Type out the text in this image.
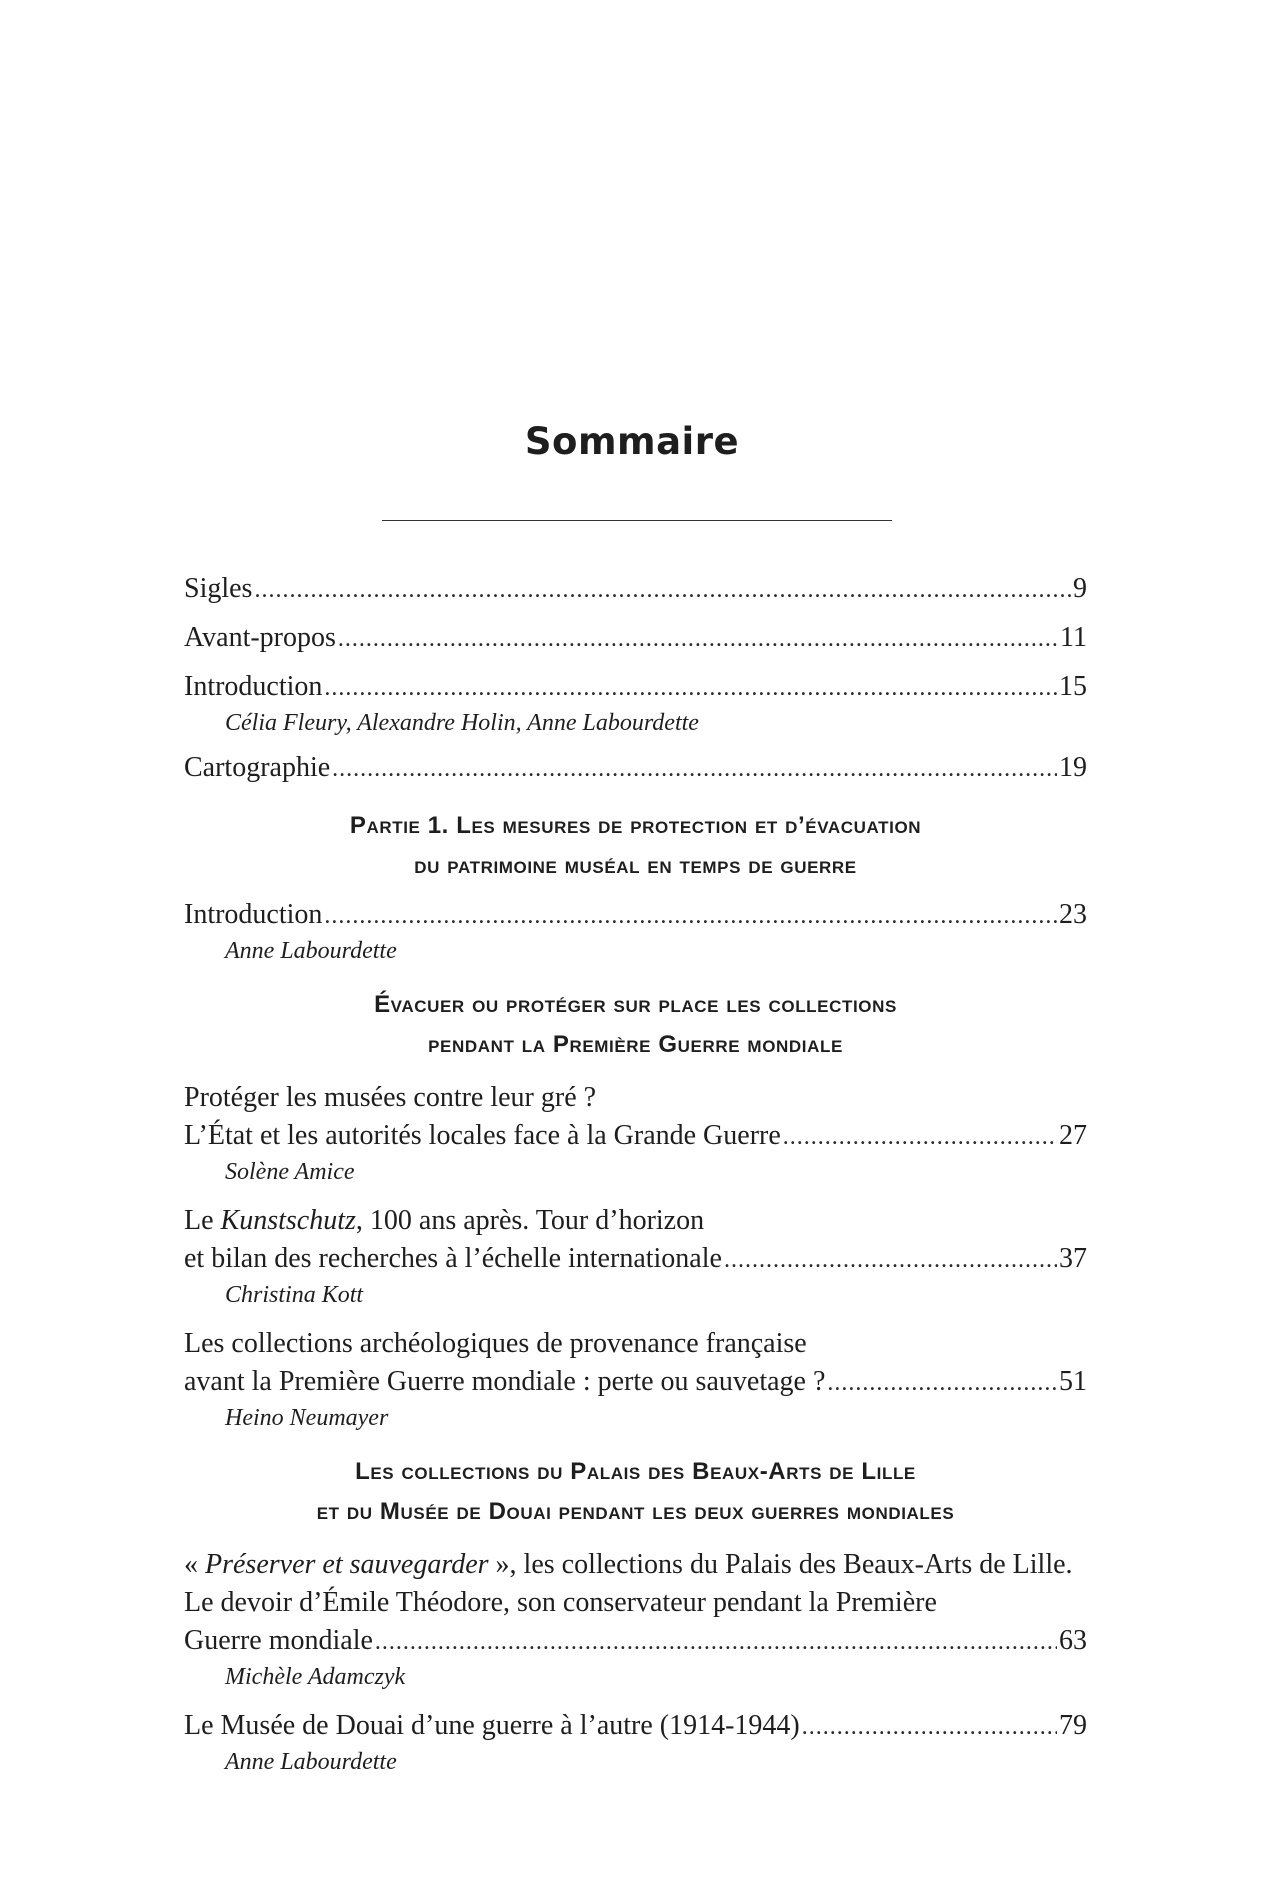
Sommaire
Sigles .....	9
Avant-propos .....	11
Introduction .....	15
Célia Fleury, Alexandre Holin, Anne Labourdette
Cartographie .....	19
Partie 1. Les mesures de protection et d’évacuation
du patrimoine muséal en temps de guerre
Introduction .....	23
Anne Labourdette
Évacuer ou protéger sur place les collections
pendant la Première Guerre mondiale
Protéger les musées contre leur gré ?
L’État et les autorités locales face à la Grande Guerre .....	27
Solène Amice
Le Kunstschutz, 100 ans après. Tour d’horizon
et bilan des recherches à l’échelle internationale .....	37
Christina Kott
Les collections archéologiques de provenance française
avant la Première Guerre mondiale : perte ou sauvetage ? .....	51
Heino Neumayer
Les collections du Palais des Beaux-Arts de Lille
et du Musée de Douai pendant les deux guerres mondiales
« Préserver et sauvegarder », les collections du Palais des Beaux-Arts de Lille.
Le devoir d’Émile Théodore, son conservateur pendant la Première
Guerre mondiale .....	63
Michèle Adamczyk
Le Musée de Douai d’une guerre à l’autre (1914-1944) .....	79
Anne Labourdette
